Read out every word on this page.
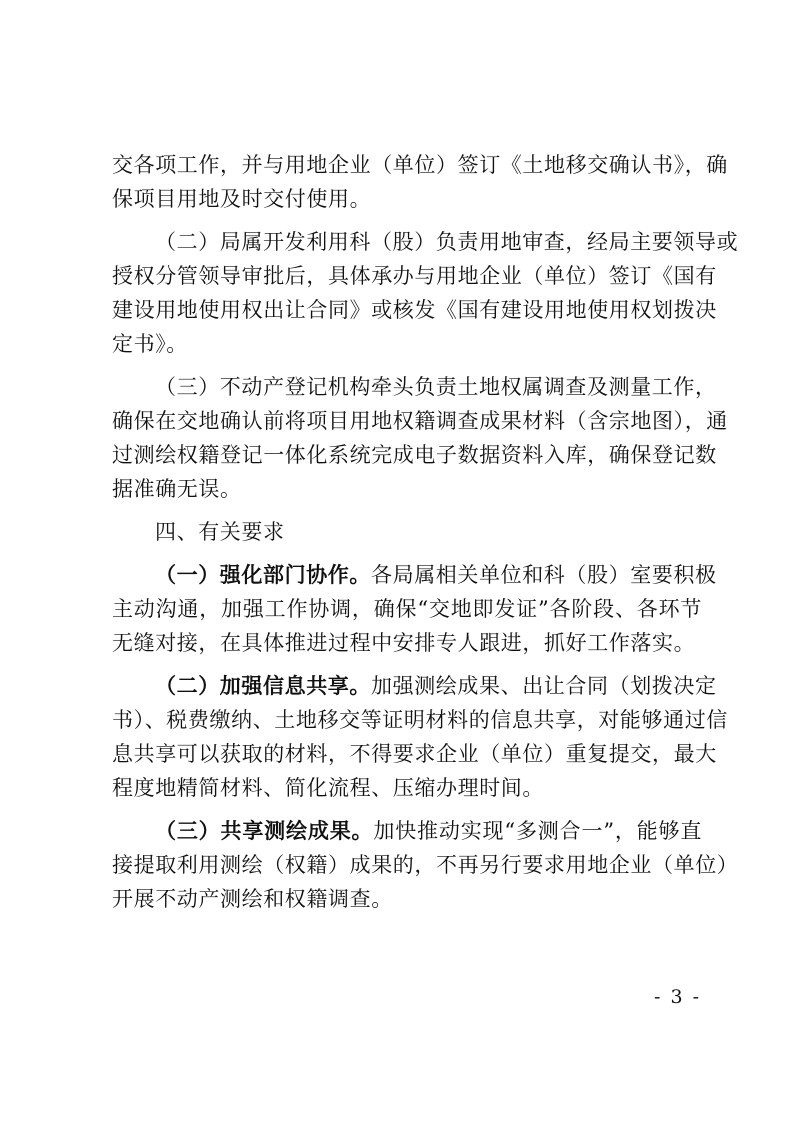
交各项工作，并与用地企业（单位）签订《土地移交确认书》，确
保项目用地及时交付使用。
（二）局属开发利用科（股）负责用地审查，经局主要领导或
授权分管领导审批后，具体承办与用地企业（单位）签订《国有
建设用地使用权出让合同》或核发《国有建设用地使用权划拨决
定书》。
（三）不动产登记机构牵头负责土地权属调查及测量工作，
确保在交地确认前将项目用地权籍调查成果材料（含宗地图），通
过测绘权籍登记一体化系统完成电子数据资料入库，确保登记数
据准确无误。
四、有关要求
（一）强化部门协作。各局属相关单位和科（股）室要积极
主动沟通，加强工作协调，确保“交地即发证”各阶段、各环节
无缝对接，在具体推进过程中安排专人跟进，抓好工作落实。
（二）加强信息共享。加强测绘成果、出让合同（划拨决定
书）、税费缴纳、土地移交等证明材料的信息共享，对能够通过信
息共享可以获取的材料，不得要求企业（单位）重复提交，最大
程度地精简材料、简化流程、压缩办理时间。
（三）共享测绘成果。加快推动实现“多测合一”，能够直
接提取利用测绘（权籍）成果的，不再另行要求用地企业（单位）
开展不动产测绘和权籍调查。
- 3 -
